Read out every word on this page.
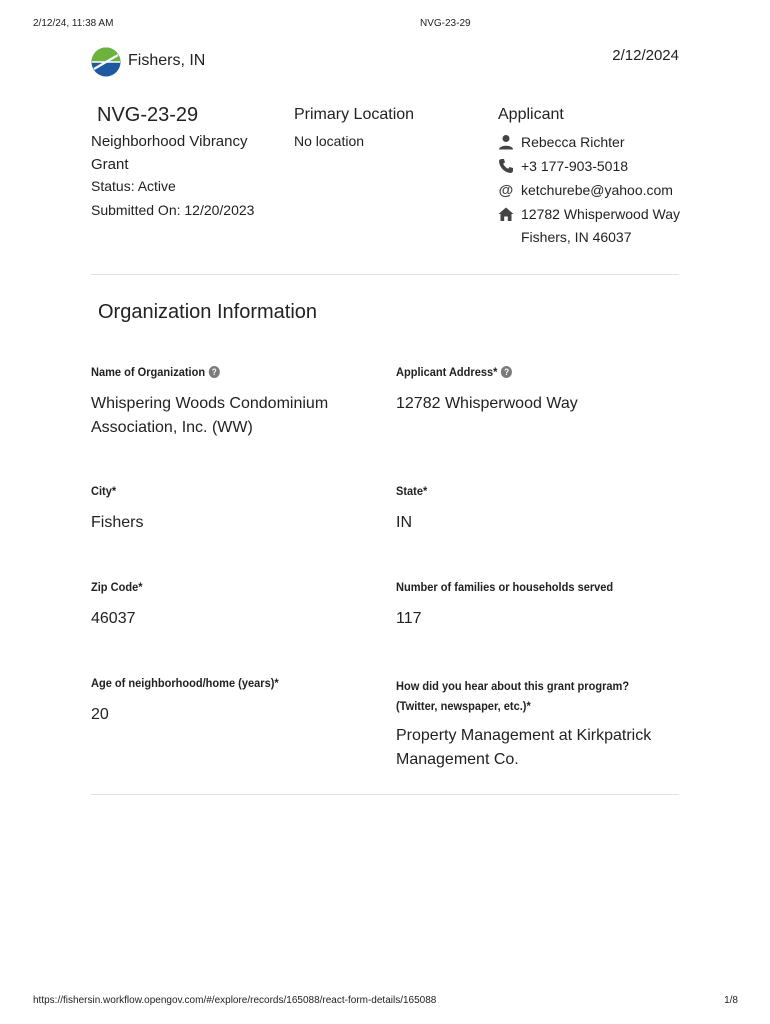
2/12/24, 11:38 AM	NVG-23-29
Fishers, IN	2/12/2024
NVG-23-29
Neighborhood Vibrancy Grant
Status: Active
Submitted On: 12/20/2023
Primary Location
No location
Applicant
Rebecca Richter
+3 177-903-5018
@ ketchurebe@yahoo.com
12782 Whisperwood Way
Fishers, IN 46037
Organization Information
Name of Organization ?
Whispering Woods Condominium Association, Inc. (WW)
Applicant Address* ?
12782 Whisperwood Way
City*
Fishers
State*
IN
Zip Code*
46037
Number of families or households served
117
Age of neighborhood/home (years)*
20
How did you hear about this grant program? (Twitter, newspaper, etc.)*
Property Management at Kirkpatrick Management Co.
https://fishersin.workflow.opengov.com/#/explore/records/165088/react-form-details/165088	1/8
